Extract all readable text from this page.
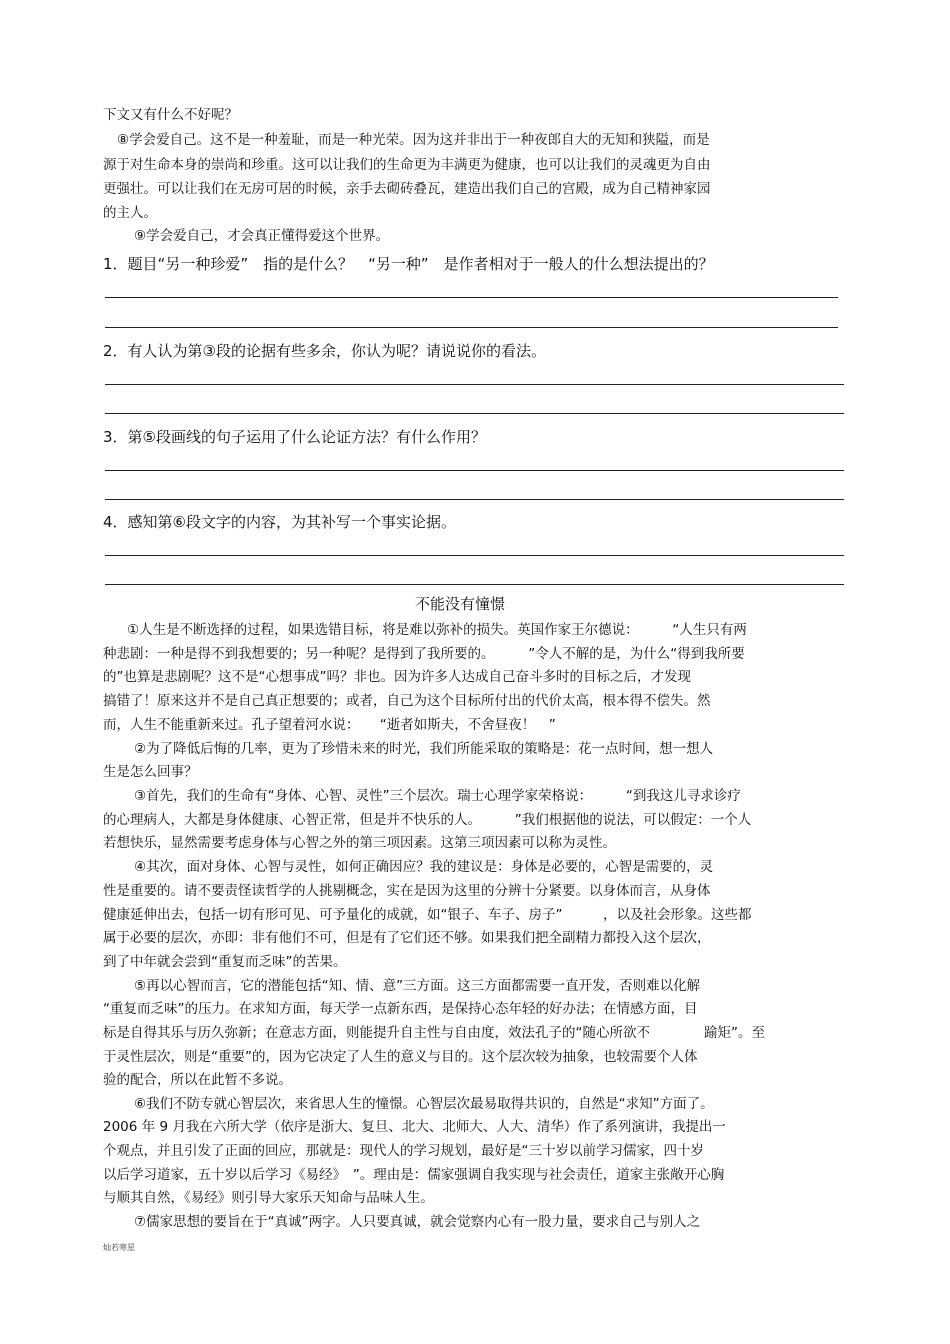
下文又有什么不好呢？
⑧学会爱自己。这不是一种羞耻，而是一种光荣。因为这并非出于一种夜郎自大的无知和狭隘，而是
源于对生命本身的崇尚和珍重。这可以让我们的生命更为丰满更为健康，也可以让我们的灵魂更为自由
更强壮。可以让我们在无房可居的时候，亲手去砌砖叠瓦，建造出我们自己的宫殿，成为自己精神家园
的主人。
⑨学会爱自己，才会真正懂得爱这个世界。
1．题目“另一种珍爱”　指的是什么？　“另一种”　是作者相对于一般人的什么想法提出的？
2．有人认为第③段的论据有些多余，你认为呢？请说说你的看法。
3．第⑤段画线的句子运用了什么论证方法？有什么作用？
4．感知第⑥段文字的内容，为其补写一个事实论据。
不能没有憧憬
①人生是不断选择的过程，如果选错目标，将是难以弥补的损失。英国作家王尔德说：　　　“人生只有两
种悲剧：一种是得不到我想要的；另一种呢？是得到了我所要的。　　　”令人不解的是，为什么“得到我所要
的”也算是悲剧呢？这不是“心想事成”吗？非也。因为许多人达成自己奋斗多时的目标之后，才发现
搞错了！原来这并不是自己真正想要的；或者，自己为这个目标所付出的代价太高，根本得不偿失。然
而，人生不能重新来过。孔子望着河水说：　　“逝者如斯夫，不舍昼夜！　”
②为了降低后悔的几率，更为了珍惜未来的时光，我们所能采取的策略是：花一点时间，想一想人
生是怎么回事？
③首先，我们的生命有“身体、心智、灵性”三个层次。瑞士心理学家荣格说：　　　“到我这儿寻求诊疗
的心理病人，大都是身体健康、心智正常，但是并不快乐的人。　　　”我们根据他的说法，可以假定：一个人
若想快乐，显然需要考虑身体与心智之外的第三项因素。这第三项因素可以称为灵性。
④其次，面对身体、心智与灵性，如何正确因应？我的建议是：身体是必要的，心智是需要的，灵
性是重要的。请不要责怪读哲学的人挑剔概念，实在是因为这里的分辨十分紧要。以身体而言，从身体
健康延伸出去，包括一切有形可见、可予量化的成就，如“银子、车子、房子”　　　，以及社会形象。这些都
属于必要的层次，亦即：非有他们不可，但是有了它们还不够。如果我们把全副精力都投入这个层次，
到了中年就会尝到“重复而乏味”的苦果。
⑤再以心智而言，它的潜能包括“知、情、意”三方面。这三方面都需要一直开发，否则难以化解
“重复而乏味”的压力。在求知方面，每天学一点新东西，是保持心态年轻的好办法；在情感方面，目
标是自得其乐与历久弥新；在意志方面，则能提升自主性与自由度，效法孔子的“随心所欲不　　　　踰矩”。至
于灵性层次，则是“重要”的，因为它决定了人生的意义与目的。这个层次较为抽象，也较需要个人体
验的配合，所以在此暂不多说。
⑥我们不防专就心智层次，来省思人生的憧憬。心智层次最易取得共识的，自然是“求知”方面了。
2006 年 9 月我在六所大学（依序是浙大、复旦、北大、北师大、人大、清华）作了系列演讲，我提出一
个观点，并且引发了正面的回应，那就是：现代人的学习规划，最好是“三十岁以前学习儒家，四十岁
以后学习道家，五十岁以后学习《易经》　”。理由是：儒家强调自我实现与社会责任，道家主张敞开心胸
与顺其自然，《易经》则引导大家乐天知命与品味人生。
⑦儒家思想的要旨在于“真诚”两字。人只要真诚，就会觉察内心有一股力量，要求自己与别人之
灿若寒星
